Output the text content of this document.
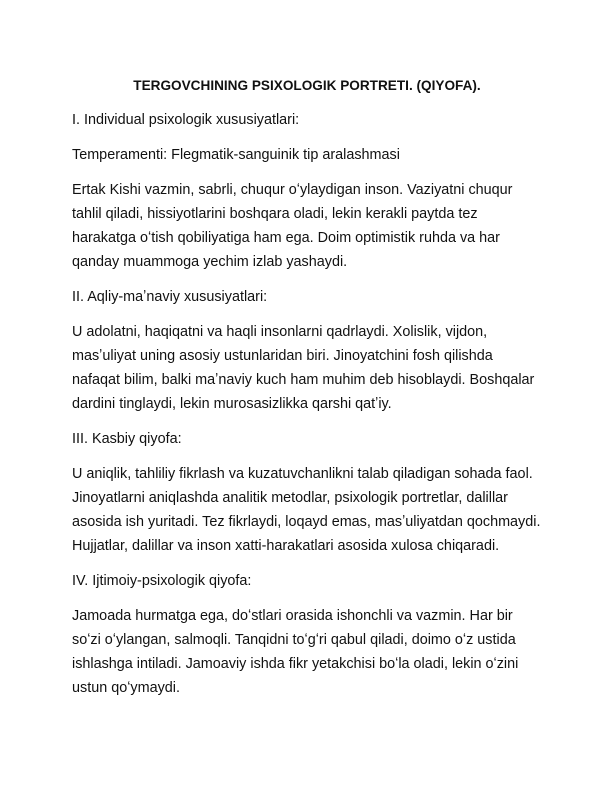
TERGOVCHINING PSIXOLOGIK PORTRETI. (QIYOFA).

I. Individual psixologik xususiyatlari:

Temperamenti: Flegmatik-sanguinik tip aralashmasi

Ertak Kishi vazmin, sabrli, chuqur oʻylaydigan inson. Vaziyatni chuqur tahlil qiladi, hissiyotlarini boshqara oladi, lekin kerakli paytda tez harakatga oʻtish qobiliyatiga ham ega. Doim optimistik ruhda va har qanday muammoga yechim izlab yashaydi.

II. Aqliy-maʼnaviy xususiyatlari:

U adolatni, haqiqatni va haqli insonlarni qadrlaydi. Xolislik, vijdon, masʼuliyat uning asosiy ustunlaridan biri. Jinoyatchini fosh qilishda nafaqat bilim, balki maʼnaviy kuch ham muhim deb hisoblaydi. Boshqalar dardini tinglaydi, lekin murosasizlikka qarshi qatʼiy.

III. Kasbiy qiyofa:

U aniqlik, tahliliy fikrlash va kuzatuvchanlikni talab qiladigan sohada faol. Jinoyatlarni aniqlashda analitik metodlar, psixologik portretlar, dalillar asosida ish yuritadi. Tez fikrlaydi, loqayd emas, masʼuliyatdan qochmaydi. Hujjatlar, dalillar va inson xatti-harakatlari asosida xulosa chiqaradi.

IV. Ijtimoiy-psixologik qiyofa:

Jamoada hurmatga ega, doʻstlari orasida ishonchli va vazmin. Har bir soʻzi oʻylangan, salmoqli. Tanqidni toʻgʻri qabul qiladi, doimo oʻz ustida ishlashga intiladi. Jamoaviy ishda fikr yetakchisi boʻla oladi, lekin oʻzini ustun qoʻymaydi.
